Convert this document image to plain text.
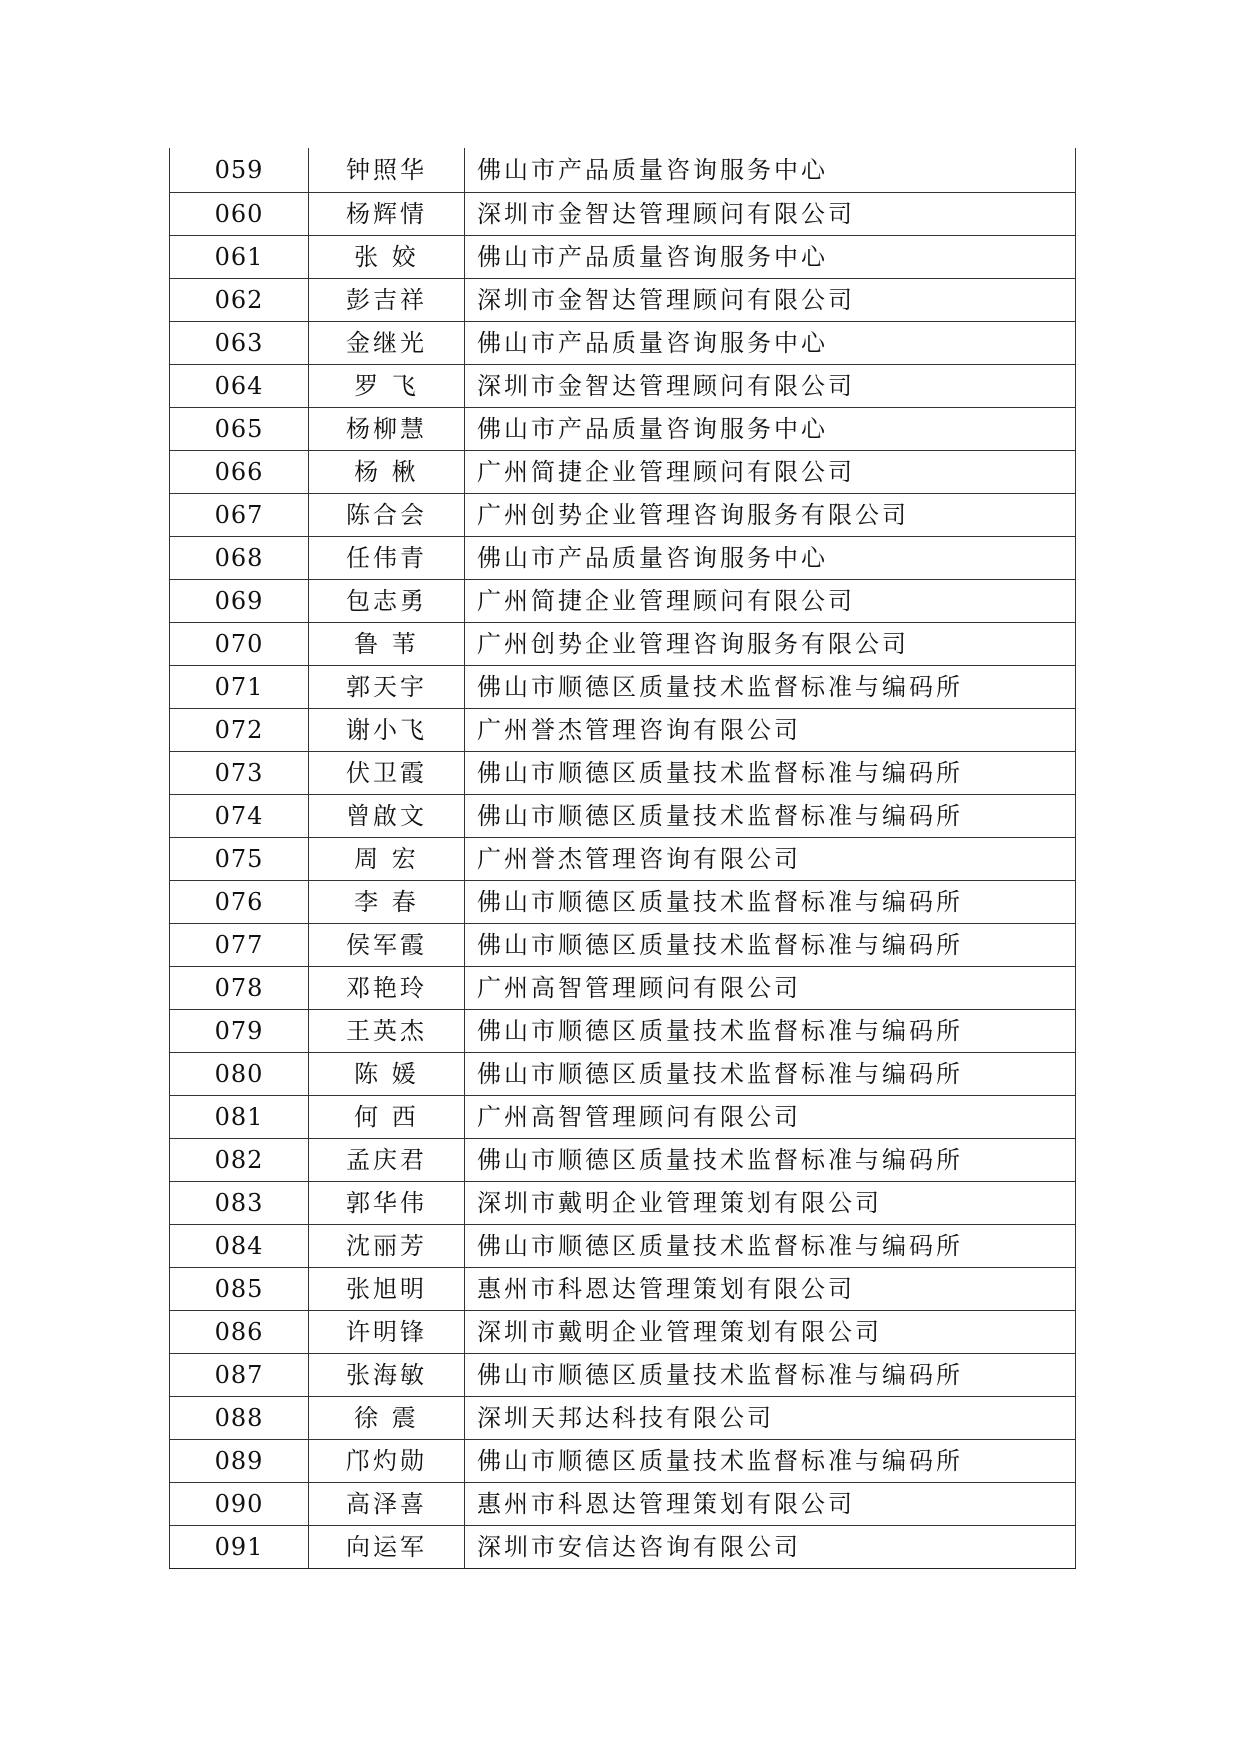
059	钟照华	佛山市产品质量咨询服务中心
060	杨辉情	深圳市金智达管理顾问有限公司
061	张 姣	佛山市产品质量咨询服务中心
062	彭吉祥	深圳市金智达管理顾问有限公司
063	金继光	佛山市产品质量咨询服务中心
064	罗 飞	深圳市金智达管理顾问有限公司
065	杨柳慧	佛山市产品质量咨询服务中心
066	杨 楸	广州简捷企业管理顾问有限公司
067	陈合会	广州创势企业管理咨询服务有限公司
068	任伟青	佛山市产品质量咨询服务中心
069	包志勇	广州简捷企业管理顾问有限公司
070	鲁 苇	广州创势企业管理咨询服务有限公司
071	郭天宇	佛山市顺德区质量技术监督标准与编码所
072	谢小飞	广州誉杰管理咨询有限公司
073	伏卫霞	佛山市顺德区质量技术监督标准与编码所
074	曾啟文	佛山市顺德区质量技术监督标准与编码所
075	周 宏	广州誉杰管理咨询有限公司
076	李 春	佛山市顺德区质量技术监督标准与编码所
077	侯军霞	佛山市顺德区质量技术监督标准与编码所
078	邓艳玲	广州高智管理顾问有限公司
079	王英杰	佛山市顺德区质量技术监督标准与编码所
080	陈 媛	佛山市顺德区质量技术监督标准与编码所
081	何 西	广州高智管理顾问有限公司
082	孟庆君	佛山市顺德区质量技术监督标准与编码所
083	郭华伟	深圳市戴明企业管理策划有限公司
084	沈丽芳	佛山市顺德区质量技术监督标准与编码所
085	张旭明	惠州市科恩达管理策划有限公司
086	许明锋	深圳市戴明企业管理策划有限公司
087	张海敏	佛山市顺德区质量技术监督标准与编码所
088	徐 震	深圳天邦达科技有限公司
089	邝灼勋	佛山市顺德区质量技术监督标准与编码所
090	高泽喜	惠州市科恩达管理策划有限公司
091	向运军	深圳市安信达咨询有限公司
